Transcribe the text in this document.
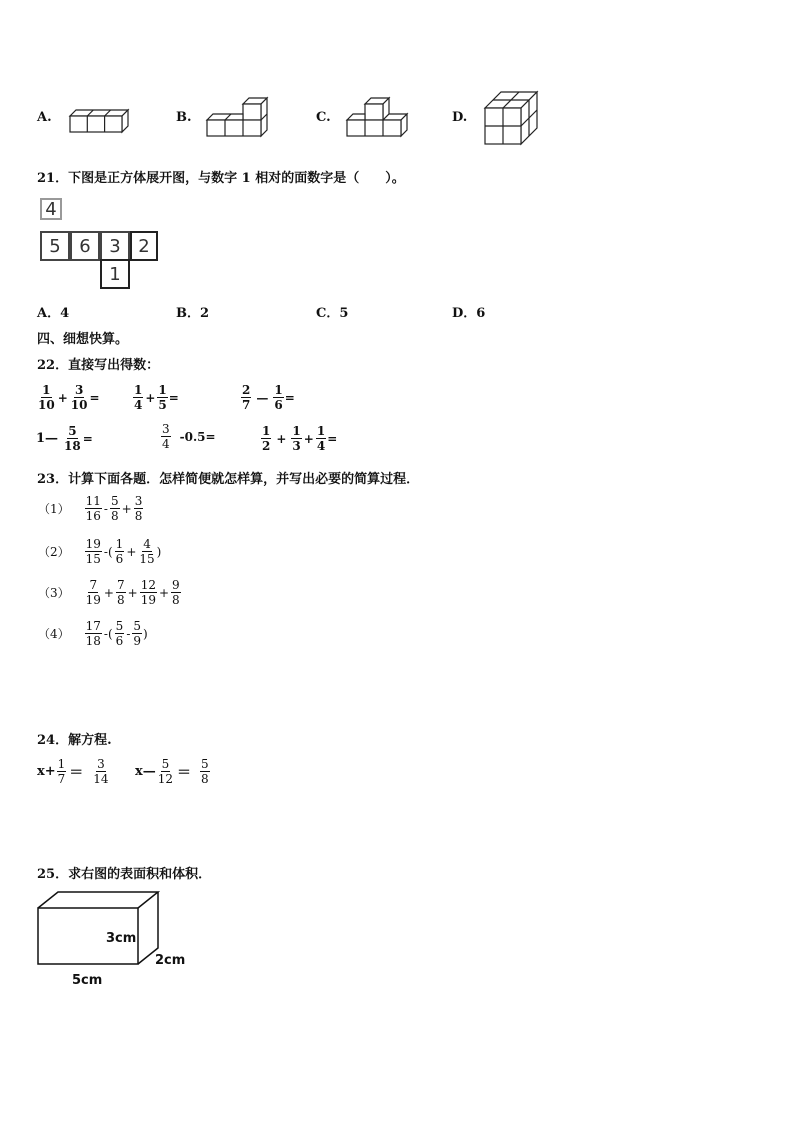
A.	B.	C.	D.
21．下图是正方体展开图，与数字 1 相对的面数字是（　　）。
4
5	6	3 2
1
A．4	B．2	C．5	D．6
四、细想快算。
22．直接写出得数：
$\frac{1}{10} + \frac{3}{10}$ =	$\frac{1}{4} + \frac{1}{5}$ =	$\frac{2}{7}$ — $\frac{1}{6}$ =
1— $\frac{5}{18}$ =	$\frac{3}{4} -0.5=$	$\frac{1}{2} + \frac{1}{3} + \frac{1}{4}$ =
23．计算下面各题．怎样简便就怎样算，并写出必要的简算过程．
$(1) \frac{11}{16} - \frac{5}{8} + \frac{3}{8}$
$(2) \frac{19}{15}$ -( $\frac{1}{6} + \frac{4}{15}$ )
$(3) \frac{7}{19} + \frac{7}{8} + \frac{12}{19} + \frac{9}{8}$
$(4) \frac{17}{18}$ -( $\frac{5}{6} - \frac{5}{9}$ )
24．解方程.
$x+ \frac{1}{7} = \frac{3}{14}$ x— $\frac{5}{12} = \frac{5}{8}$
25．求右图的表面积和体积．
3cm
2cm
5cm
